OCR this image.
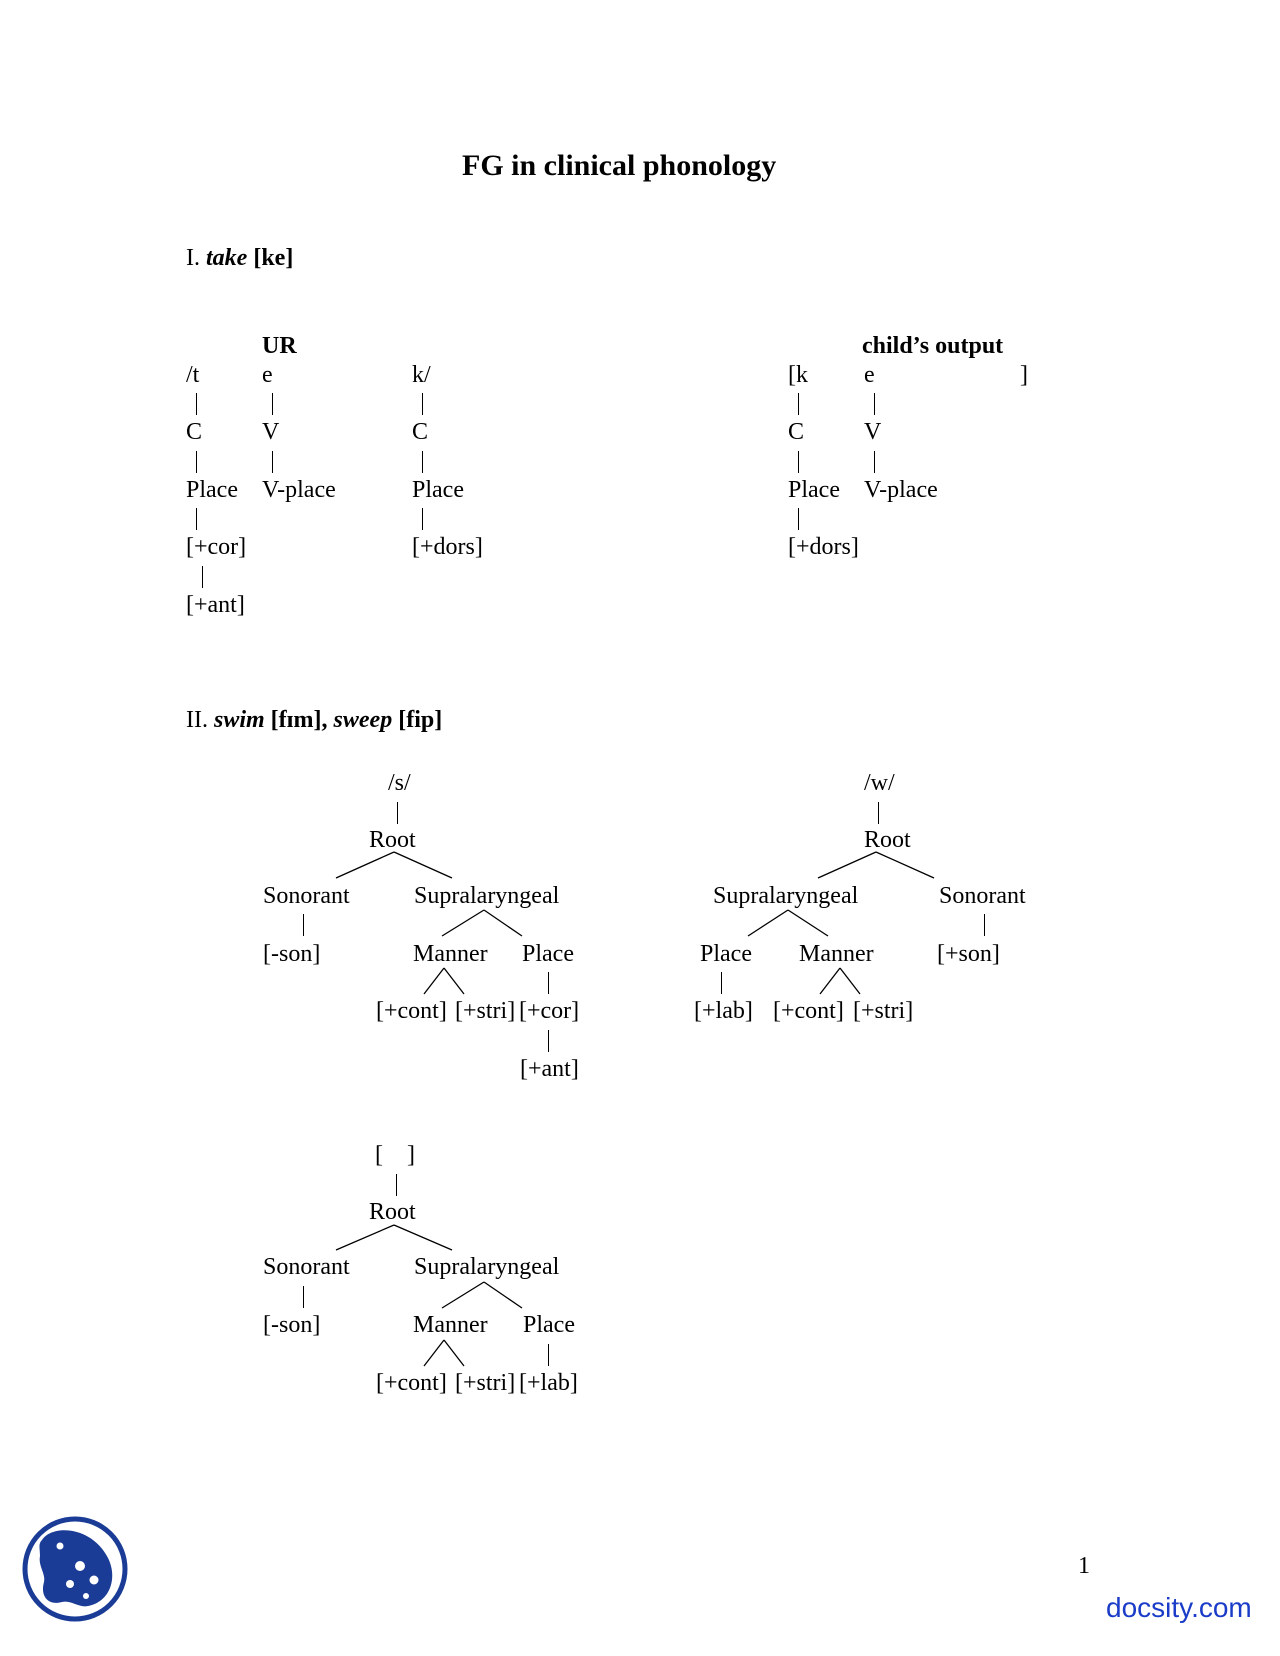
FG in clinical phonology
I. take [ke]
UR
/t	e	k/
C V	C
Place V-place	Place
[+cor]	[+dors]
[+ant]
child’s output
[k e	]
C V
Place V-place
[+dors]
II. swim [fɪm], sweep [fip]
/s/
Root
Sonorant	Supralaryngeal
[-son]	Manner Place
[+cont] [+stri] [+cor]
[+ant]
/w/
Root
Supralaryngeal	Sonorant
Place Manner	[+son]
[+lab] [+cont] [+stri]
[    ]
Root
Sonorant	Supralaryngeal
[-son]	Manner Place
[+cont] [+stri] [+lab]
1
docsity.com
